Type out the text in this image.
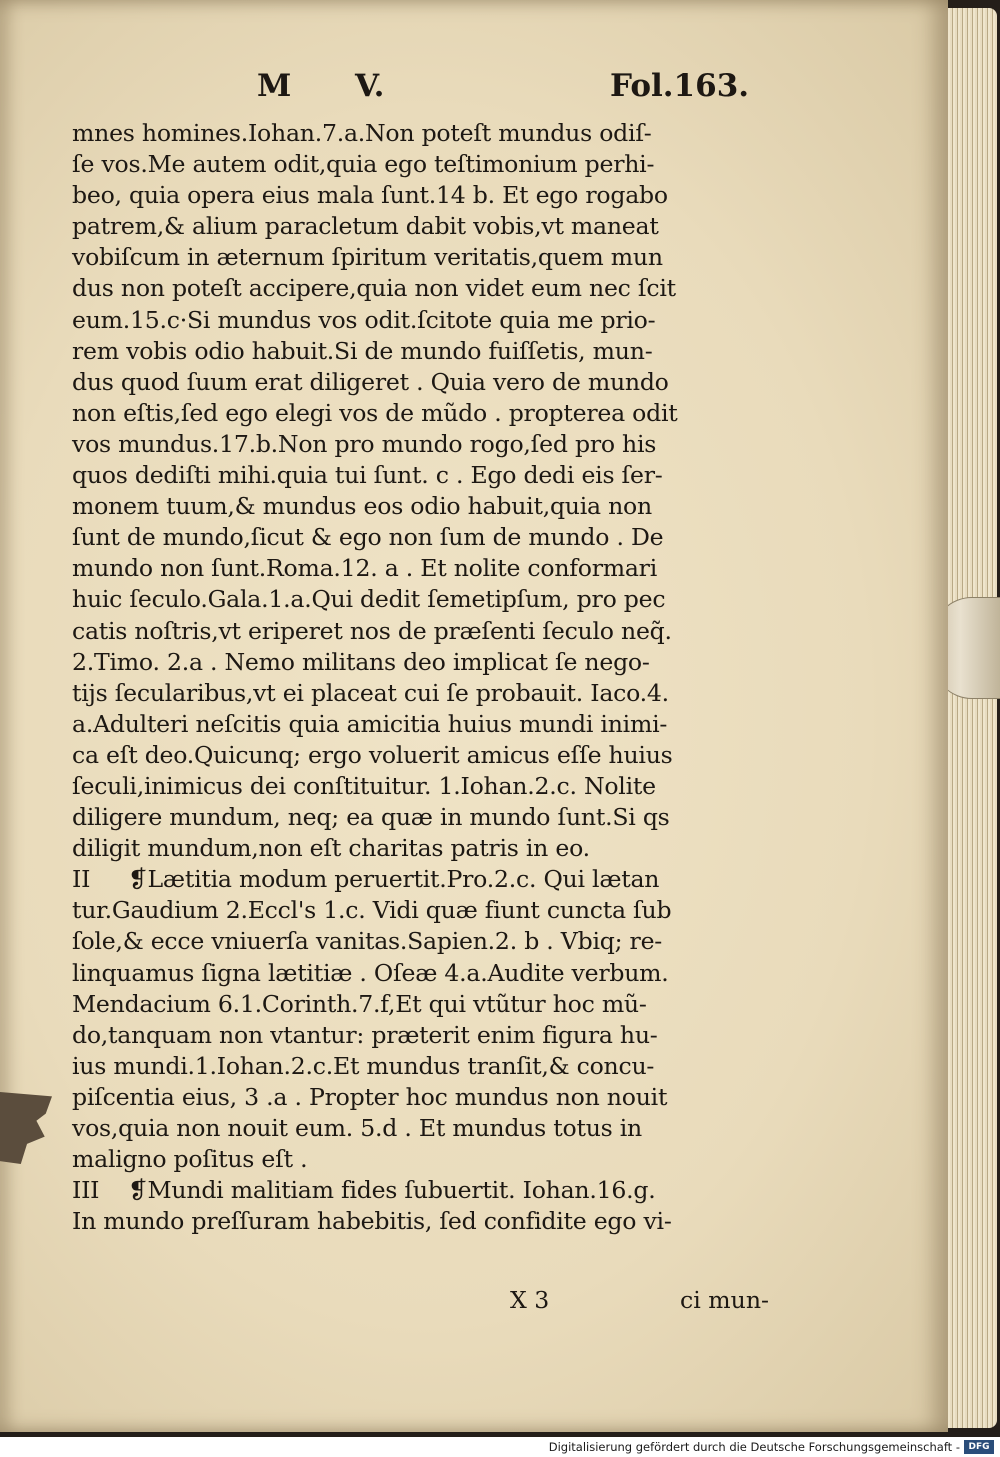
M V.	Fol.163.
mnes homines.Iohan.7.a.Non poteſt mundus odiſ-
ſe vos.Me autem odit,quia ego teſtimonium perhi-
beo, quia opera eius mala ſunt.14 b. Et ego rogabo
patrem,& alium paracletum dabit vobis,vt maneat
vobiſcum in æternum ſpiritum veritatis,quem mun
dus non poteſt accipere,quia non videt eum nec ſcit
eum.15.c·Si mundus vos odit.ſcitote quia me prio-
rem vobis odio habuit.Si de mundo fuiſſetis, mun-
dus quod ſuum erat diligeret . Quia vero de mundo
non eſtis,ſed ego elegi vos de mũdo . propterea odit
vos mundus.17.b.Non pro mundo rogo,ſed pro his
quos dediſti mihi.quia tui ſunt. c . Ego dedi eis ſer-
monem tuum,& mundus eos odio habuit,quia non
ſunt de mundo,ſicut & ego non ſum de mundo . De
mundo non ſunt.Roma.12. a . Et nolite conformari
huic ſeculo.Gala.1.a.Qui dedit ſemetipſum, pro pec
catis noſtris,vt eriperet nos de præſenti ſeculo neq̃.
2.Timo. 2.a . Nemo militans deo implicat ſe nego-
tijs ſecularibus,vt ei placeat cui ſe probauit. Iaco.4.
a.Adulteri neſcitis quia amicitia huius mundi inimi-
ca eſt deo.Quicunq; ergo voluerit amicus eſſe huius
ſeculi,inimicus dei conſtituitur. 1.Iohan.2.c. Nolite
diligere mundum, neq; ea quæ in mundo ſunt.Si qs
diligit mundum,non eſt charitas patris in eo.
II ❡Lætitia modum peruertit.Pro.2.c. Qui lætan
tur.Gaudium 2.Eccl's 1.c. Vidi quæ fiunt cuncta ſub
ſole,& ecce vniuerſa vanitas.Sapien.2. b . Vbiq; re-
linquamus ſigna lætitiæ . Oſeæ 4.a.Audite verbum.
Mendacium 6.1.Corinth.7.f,Et qui vtũtur hoc mũ-
do,tanquam non vtantur: præterit enim figura hu-
ius mundi.1.Iohan.2.c.Et mundus tranſit,& concu-
piſcentia eius, 3 .a . Propter hoc mundus non nouit
vos,quia non nouit eum. 5.d . Et mundus totus in
maligno poſitus eſt .
III ❡Mundi malitiam fides ſubuertit. Iohan.16.g.
In mundo preſſuram habebitis, ſed confidite ego vi-
X 3	ci mun-
Digitalisierung gefördert durch die Deutsche Forschungsgemeinschaft - DFG
